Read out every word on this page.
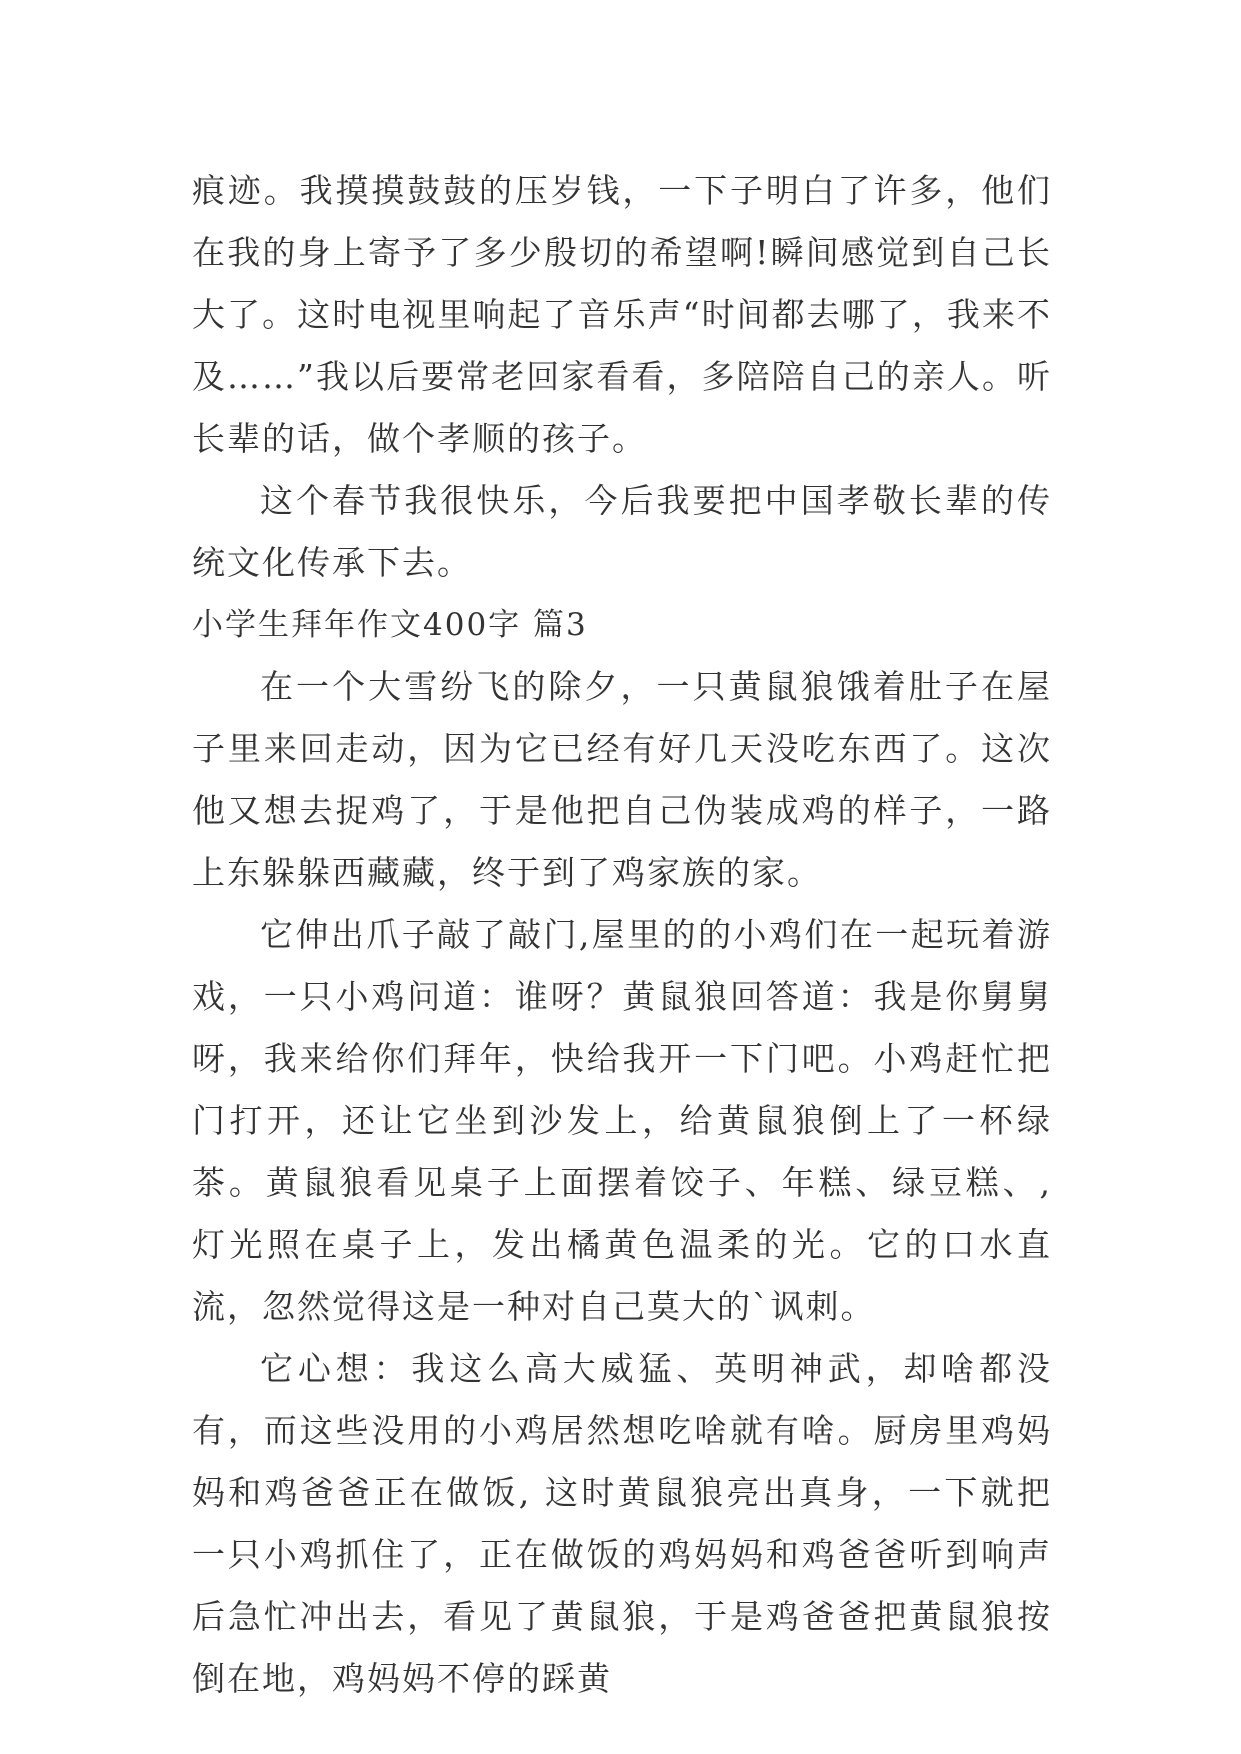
痕迹。我摸摸鼓鼓的压岁钱，一下子明白了许多，他们在我的身上寄予了多少殷切的希望啊!瞬间感觉到自己长大了。这时电视里响起了音乐声“时间都去哪了，我来不及……”我以后要常老回家看看，多陪陪自己的亲人。听长辈的话，做个孝顺的孩子。

这个春节我很快乐，今后我要把中国孝敬长辈的传统文化传承下去。

小学生拜年作文400字 篇3

在一个大雪纷飞的除夕，一只黄鼠狼饿着肚子在屋子里来回走动，因为它已经有好几天没吃东西了。这次他又想去捉鸡了，于是他把自己伪装成鸡的样子，一路上东躲躲西藏藏，终于到了鸡家族的家。

它伸出爪子敲了敲门,屋里的的小鸡们在一起玩着游戏，一只小鸡问道：谁呀？黄鼠狼回答道：我是你舅舅呀，我来给你们拜年，快给我开一下门吧。小鸡赶忙把门打开，还让它坐到沙发上，给黄鼠狼倒上了一杯绿茶。黄鼠狼看见桌子上面摆着饺子、年糕、绿豆糕、, 灯光照在桌子上，发出橘黄色温柔的光。它的口水直流，忽然觉得这是一种对自己莫大的`讽刺。

它心想：我这么高大威猛、英明神武，却啥都没有，而这些没用的小鸡居然想吃啥就有啥。厨房里鸡妈妈和鸡爸爸正在做饭, 这时黄鼠狼亮出真身，一下就把一只小鸡抓住了，正在做饭的鸡妈妈和鸡爸爸听到响声后急忙冲出去，看见了黄鼠狼，于是鸡爸爸把黄鼠狼按倒在地，鸡妈妈不停的踩黄
